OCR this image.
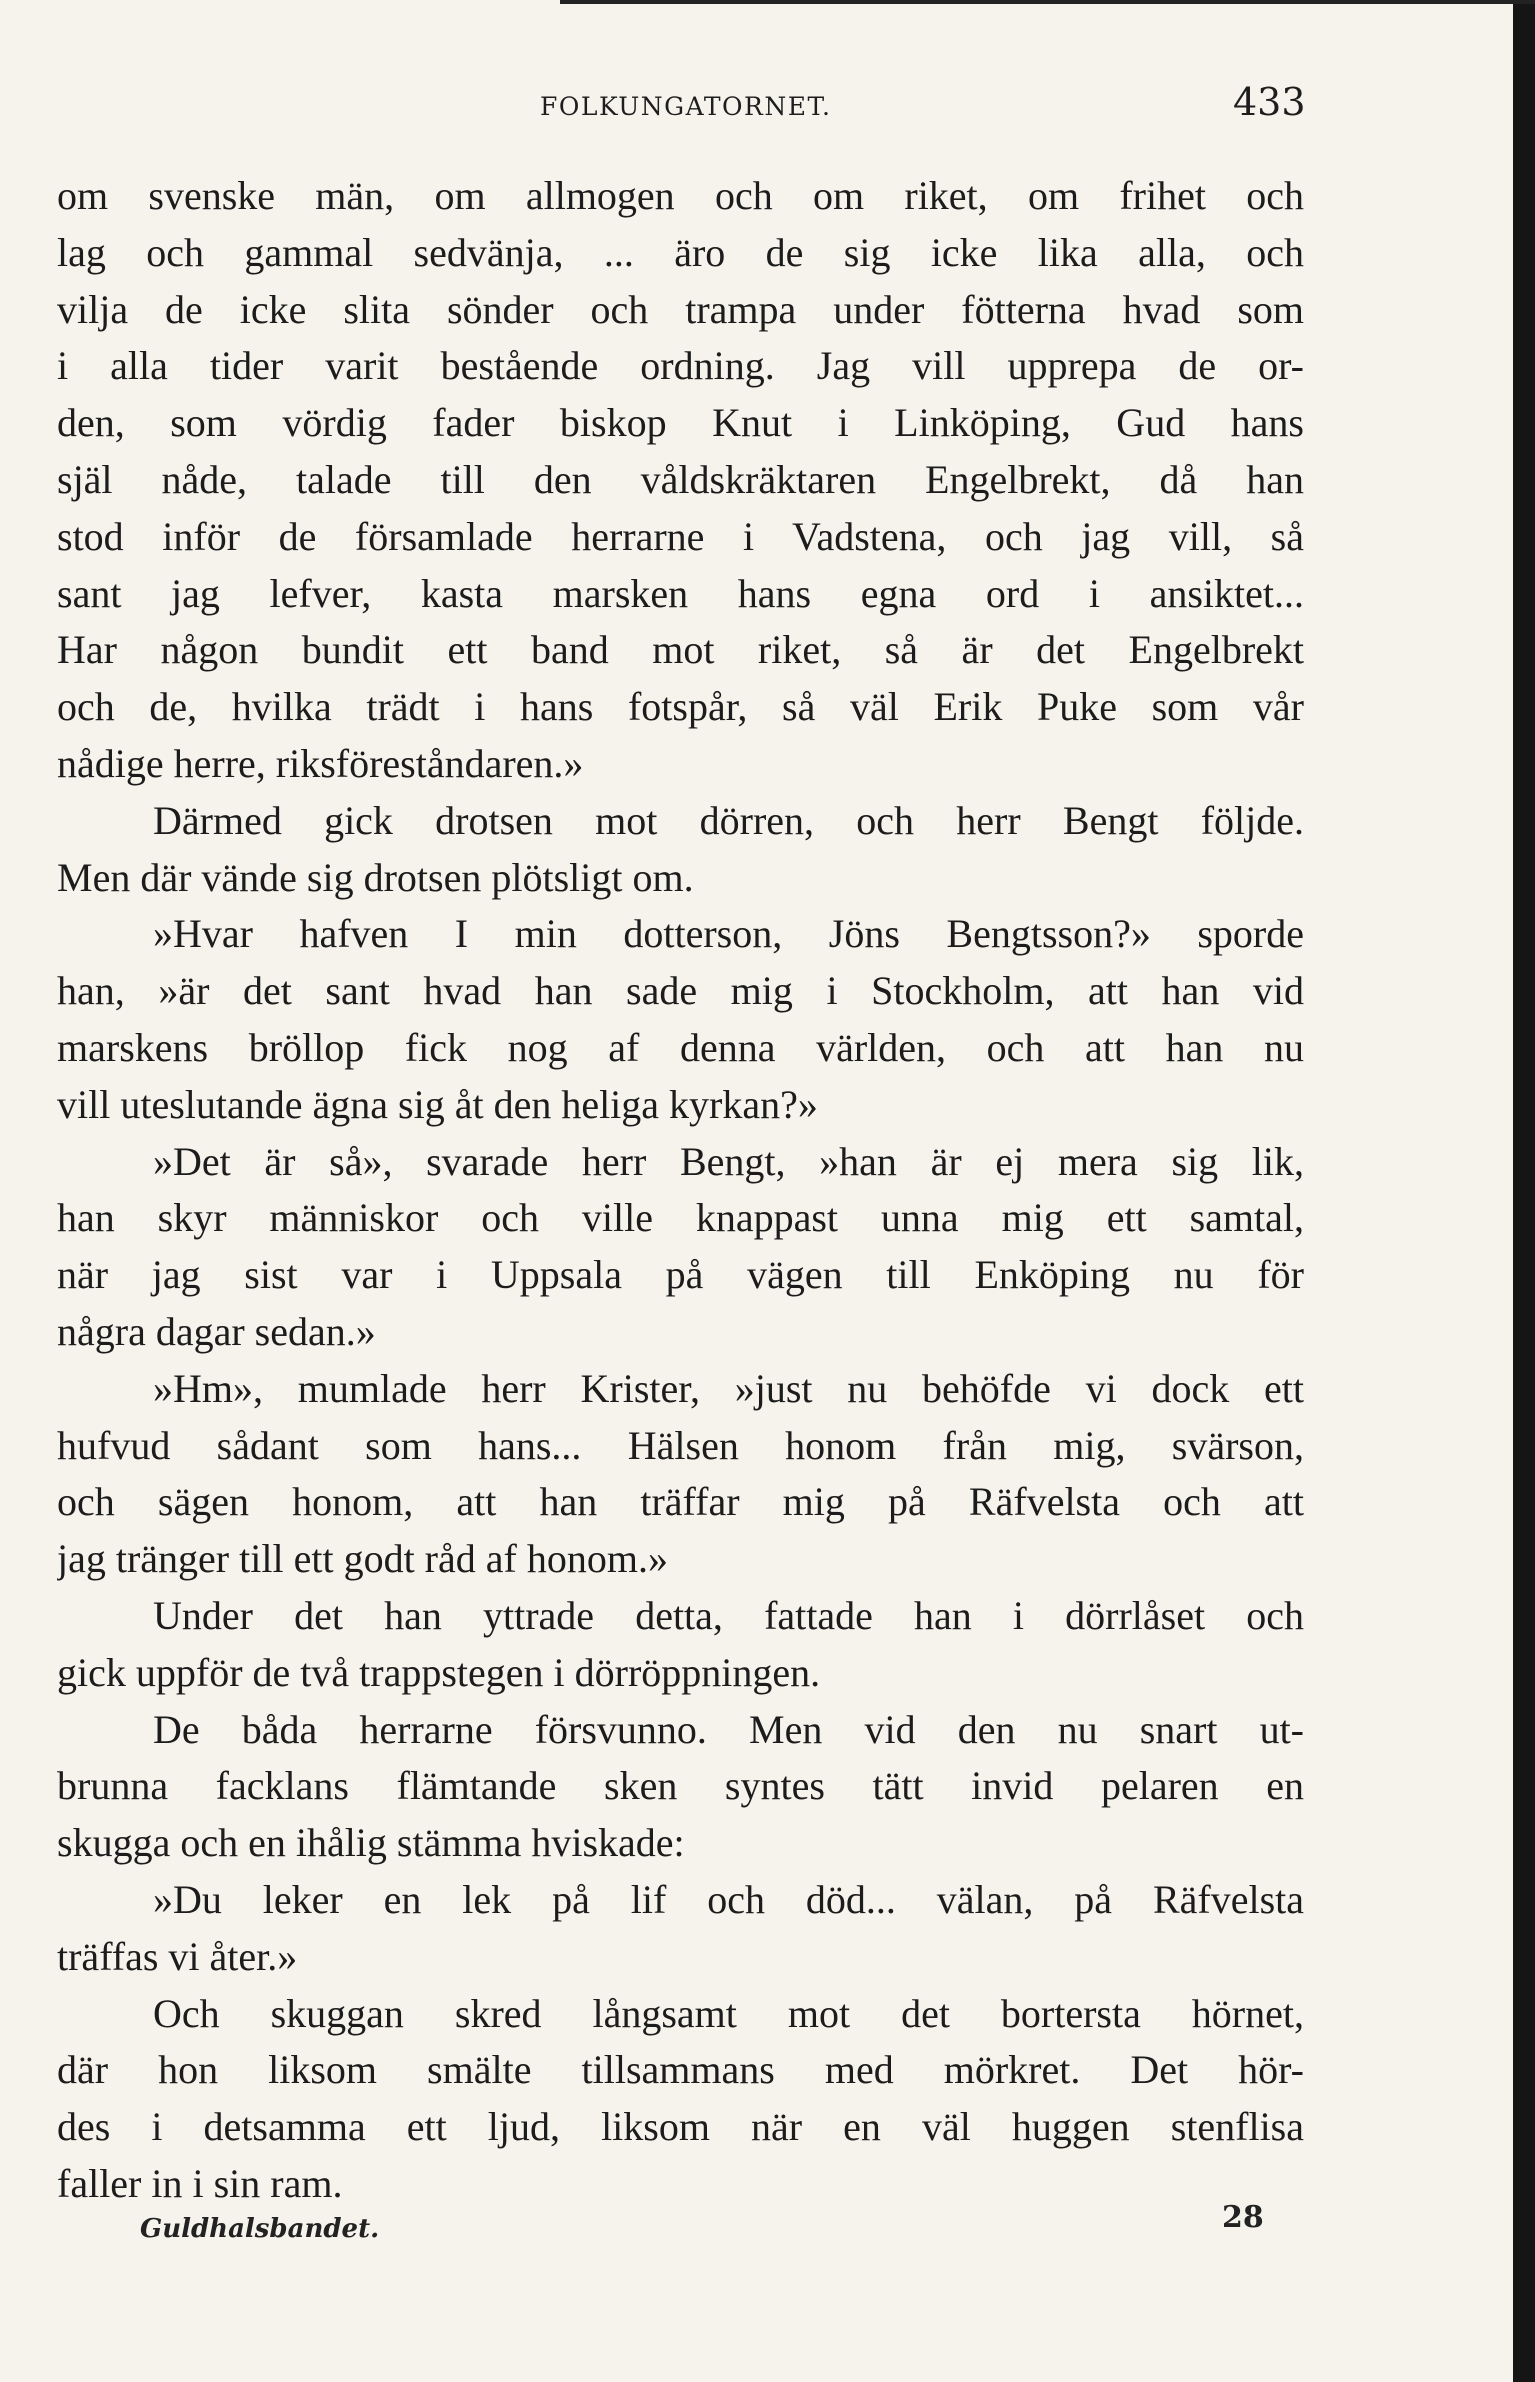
FOLKUNGATORNET.	433
om svenske män, om allmogen och om riket, om frihet och
lag och gammal sedvänja, ... äro de sig icke lika alla, och
vilja de icke slita sönder och trampa under fötterna hvad som
i alla tider varit bestående ordning. Jag vill upprepa de or-
den, som vördig fader biskop Knut i Linköping, Gud hans
själ nåde, talade till den våldskräktaren Engelbrekt, då han
stod inför de församlade herrarne i Vadstena, och jag vill, så
sant jag lefver, kasta marsken hans egna ord i ansiktet...
Har någon bundit ett band mot riket, så är det Engelbrekt
och de, hvilka trädt i hans fotspår, så väl Erik Puke som vår
nådige herre, riksföreståndaren.»
Därmed gick drotsen mot dörren, och herr Bengt följde.
Men där vände sig drotsen plötsligt om.
»Hvar hafven I min dotterson, Jöns Bengtsson?» sporde
han, »är det sant hvad han sade mig i Stockholm, att han vid
marskens bröllop fick nog af denna världen, och att han nu
vill uteslutande ägna sig åt den heliga kyrkan?»
»Det är så», svarade herr Bengt, »han är ej mera sig lik,
han skyr människor och ville knappast unna mig ett samtal,
när jag sist var i Uppsala på vägen till Enköping nu för
några dagar sedan.»
»Hm», mumlade herr Krister, »just nu behöfde vi dock ett
hufvud sådant som hans... Hälsen honom från mig, svärson,
och sägen honom, att han träffar mig på Räfvelsta och att
jag tränger till ett godt råd af honom.»
Under det han yttrade detta, fattade han i dörrlåset och
gick uppför de två trappstegen i dörröppningen.
De båda herrarne försvunno. Men vid den nu snart ut-
brunna facklans flämtande sken syntes tätt invid pelaren en
skugga och en ihålig stämma hviskade:
»Du leker en lek på lif och död... välan, på Räfvelsta
träffas vi åter.»
Och skuggan skred långsamt mot det bortersta hörnet,
där hon liksom smälte tillsammans med mörkret. Det hör-
des i detsamma ett ljud, liksom när en väl huggen stenflisa
faller in i sin ram.
Guldhalsbandet.	28
